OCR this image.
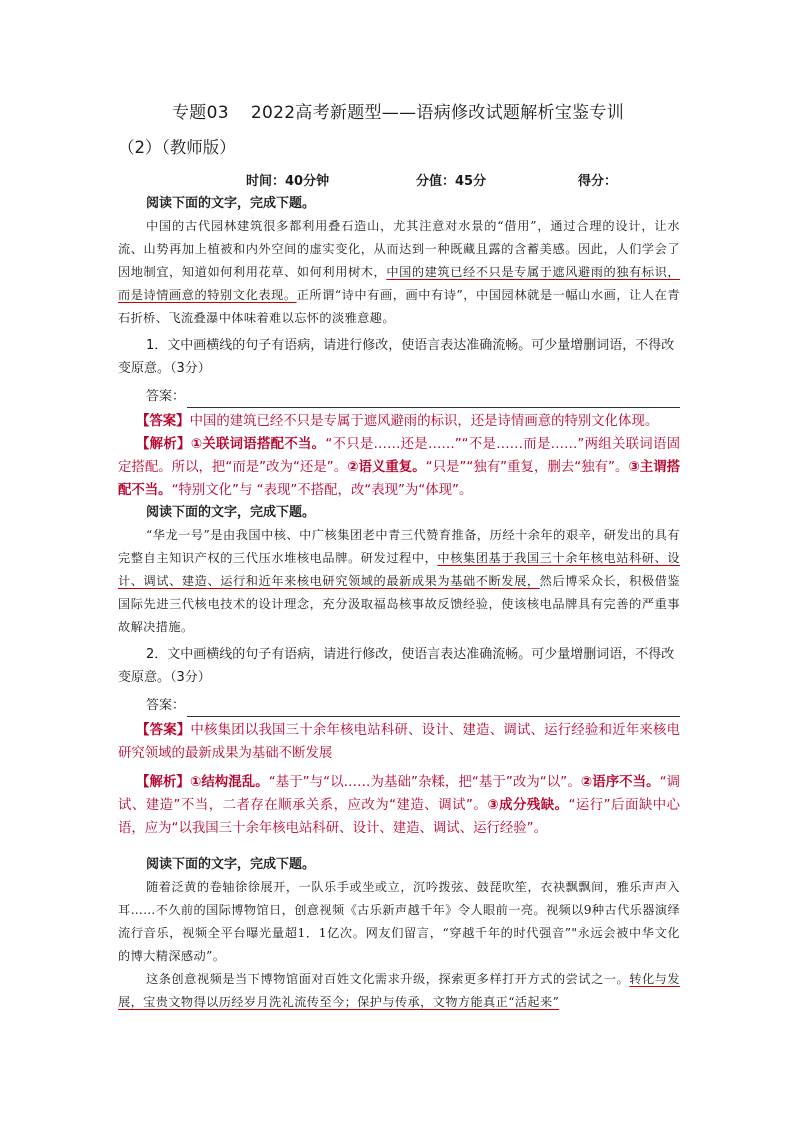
专题03 2022高考新题型——语病修改试题解析宝鉴专训
（2）（教师版）
时间：40分钟	分值：45分	得分：

阅读下面的文字，完成下题。

中国的古代园林建筑很多都利用叠石造山，尤其注意对水景的“借用”，通过合理的设计，让水流、山势再加上植被和内外空间的虚实变化，从而达到一种既藏且露的含蓄美感。因此，人们学会了因地制宜，知道如何利用花草、如何利用树木，中国的建筑已经不只是专属于遮风避雨的独有标识，而是诗情画意的特别文化表现。正所谓“诗中有画，画中有诗”，中国园林就是一幅山水画，让人在青石折桥、飞流叠瀑中体味着难以忘怀的淡雅意趣。

1．文中画横线的句子有语病，请进行修改，使语言表达准确流畅。可少量增删词语，不得改变原意。（3分）

答案：

【答案】中国的建筑已经不只是专属于遮风避雨的标识，还是诗情画意的特别文化体现。

【解析】①关联词语搭配不当。“不只是……还是……”“不是……而是……”两组关联词语固定搭配。所以，把“而是”改为“还是”。②语义重复。“只是”“独有”重复，删去“独有”。③主谓搭配不当。“特别文化”与 “表现”不搭配，改“表现”为“体现”。

阅读下面的文字，完成下题。

“华龙一号”是由我国中核、中广核集团老中青三代赞育推备，历经十余年的艰辛，研发出的具有完整自主知识产权的三代压水堆核电品牌。研发过程中，中核集团基于我国三十余年核电站科研、设计、调试、建造、运行和近年来核电研究领域的最新成果为基础不断发展，然后博采众长，积极借鉴国际先进三代核电技术的设计理念，充分汲取福岛核事故反馈经验，使该核电品牌具有完善的严重事故解决措施。

2．文中画横线的句子有语病，请进行修改，使语言表达准确流畅。可少量增删词语，不得改变原意。（3分）

答案：

【答案】中核集团以我国三十余年核电站科研、设计、建造、调试、运行经验和近年来核电研究领域的最新成果为基础不断发展

【解析】①结构混乱。“基于”与“以……为基础”杂糅，把“基于”改为“以”。②语序不当。“调试、建造”不当，二者存在顺承关系，应改为“建造、调试”。③成分残缺。“运行”后面缺中心语，应为“以我国三十余年核电站科研、设计、建造、调试、运行经验”。

阅读下面的文字，完成下题。

随着泛黄的卷轴徐徐展开，一队乐手或坐或立，沉吟拨弦、鼓琵吹笙，衣袂飘飘间，雅乐声声入耳……不久前的国际博物馆日，创意视频《古乐新声越千年》令人眼前一亮。视频以9种古代乐器演绎流行音乐，视频全平台曝光量超1．1亿次。网友们留言，“穿越千年的时代强音”"永远会被中华文化的博大精深感动”。

这条创意视频是当下博物馆面对百姓文化需求升级，探索更多样打开方式的尝试之一。转化与发展，宝贵文物得以历经岁月洗礼流传至今；保护与传承，文物方能真正“活起来”
